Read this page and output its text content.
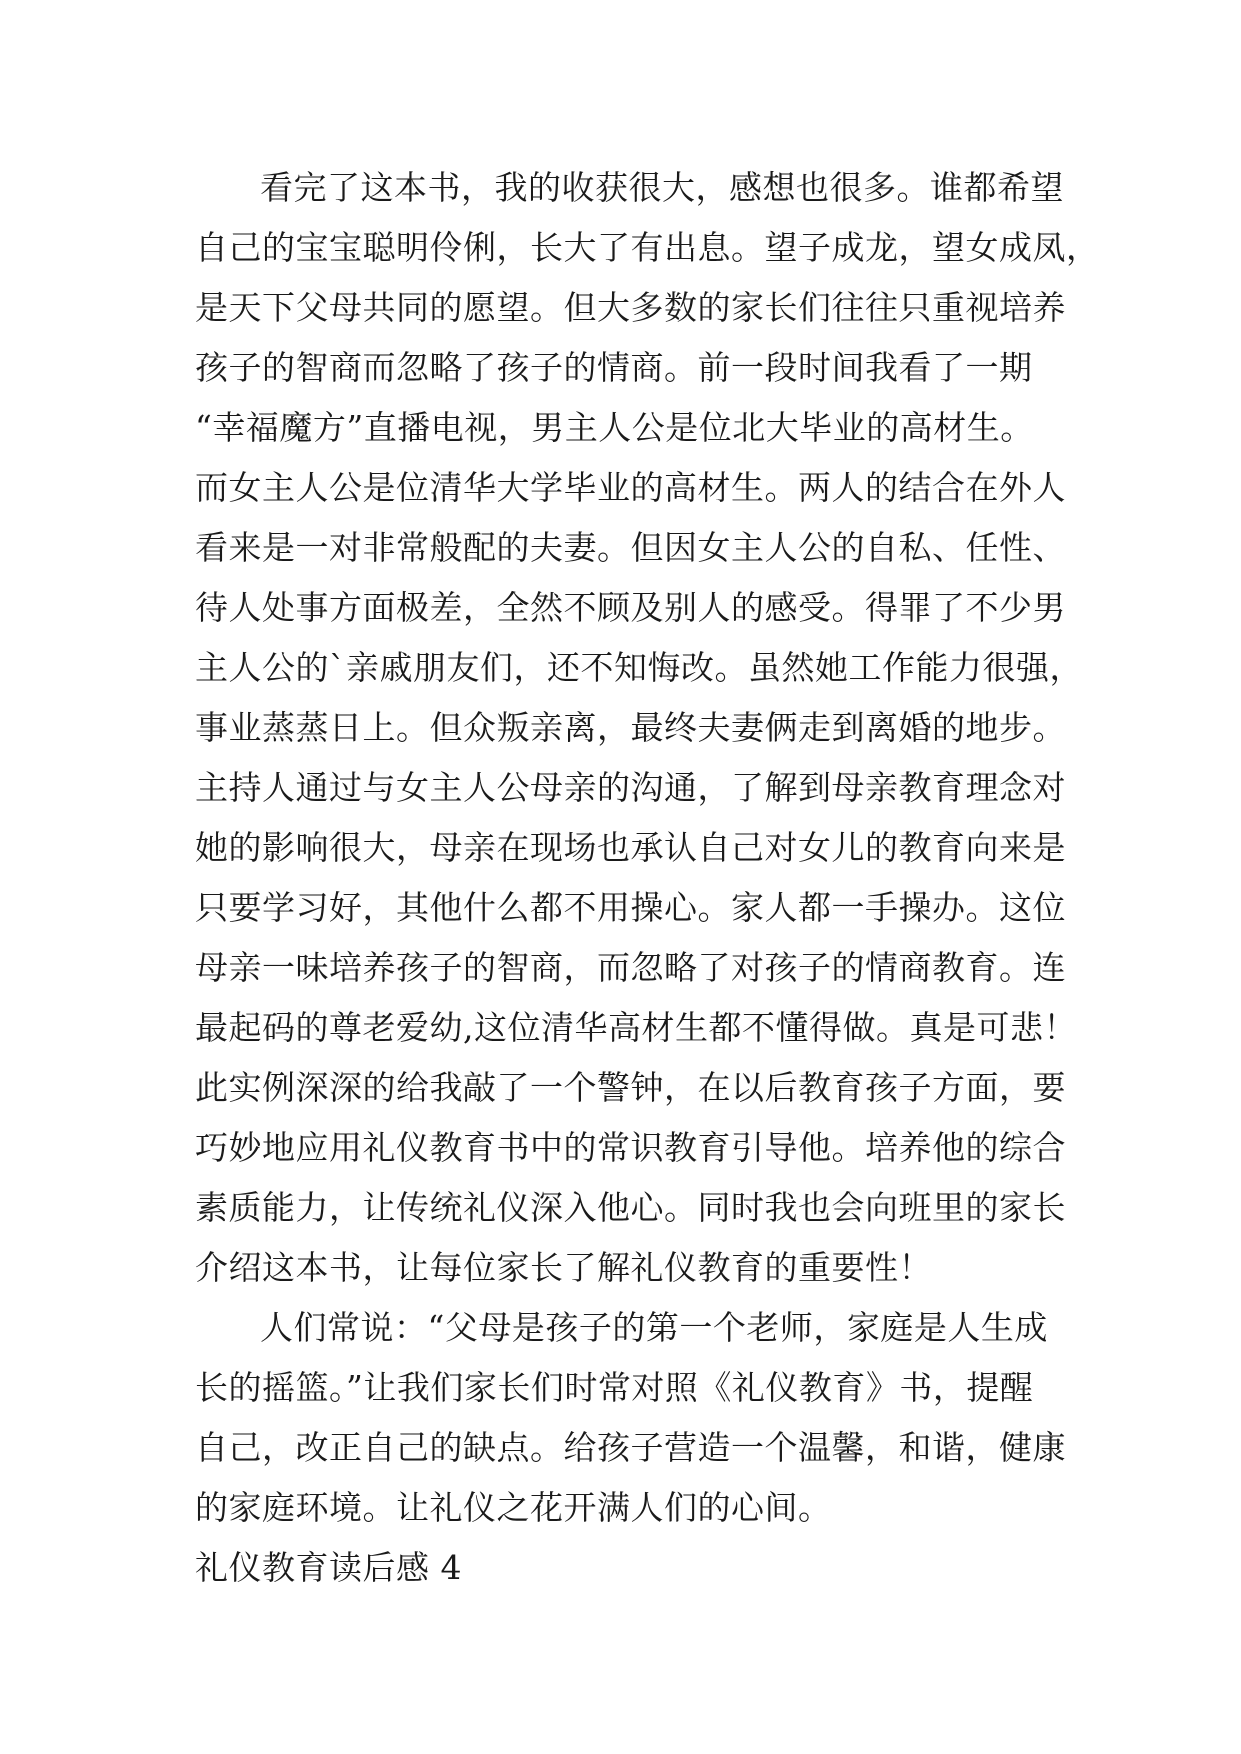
看完了这本书，我的收获很大，感想也很多。谁都希望
自己的宝宝聪明伶俐，长大了有出息。望子成龙，望女成凤，
是天下父母共同的愿望。但大多数的家长们往往只重视培养
孩子的智商而忽略了孩子的情商。前一段时间我看了一期
“幸福魔方”直播电视，男主人公是位北大毕业的高材生。
而女主人公是位清华大学毕业的高材生。两人的结合在外人
看来是一对非常般配的夫妻。但因女主人公的自私、任性、
待人处事方面极差，全然不顾及别人的感受。得罪了不少男
主人公的`亲戚朋友们，还不知悔改。虽然她工作能力很强，
事业蒸蒸日上。但众叛亲离，最终夫妻俩走到离婚的地步。
主持人通过与女主人公母亲的沟通，了解到母亲教育理念对
她的影响很大，母亲在现场也承认自己对女儿的教育向来是
只要学习好，其他什么都不用操心。家人都一手操办。这位
母亲一味培养孩子的智商，而忽略了对孩子的情商教育。连
最起码的尊老爱幼,这位清华高材生都不懂得做。真是可悲！
此实例深深的给我敲了一个警钟，在以后教育孩子方面，要
巧妙地应用礼仪教育书中的常识教育引导他。培养他的综合
素质能力，让传统礼仪深入他心。同时我也会向班里的家长
介绍这本书，让每位家长了解礼仪教育的重要性！
人们常说：“父母是孩子的第一个老师，家庭是人生成
长的摇篮。”让我们家长们时常对照《礼仪教育》书，提醒
自己，改正自己的缺点。给孩子营造一个温馨，和谐，健康
的家庭环境。让礼仪之花开满人们的心间。
礼仪教育读后感 4
